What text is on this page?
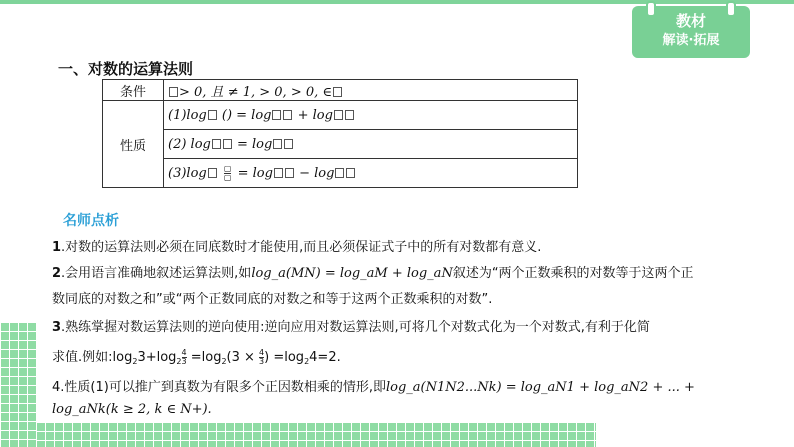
教材
解读·拓展
一、对数的运算法则
条件	> 0, 且 ≠ 1, > 0, > 0, ∈
性质	(1)log () = log + log
	(2) log = log
	$(3)\log \frac{▢}{▢} = \log - \log$
名师点析

1.对数的运算法则必须在同底数时才能使用,而且必须保证式子中的所有对数都有意义.

2.会用语言准确地叙述运算法则,如log_a(MN) = log_aM + log_aN叙述为“两个正数乘积的对数等于这两个正

数同底的对数之和”或“两个正数同底的对数之和等于这两个正数乘积的对数”.

3.熟练掌握对数运算法则的逆向使用:逆向应用对数运算法则,可将几个对数式化为一个对数式,有利于化简

求值.例如$:\log_23+\log_2 \frac{4}{3} =\log_2(3 \times \frac{4}{3}$ ) $=\log_24=2$.

4.性质(1)可以推广到真数为有限多个正因数相乘的情形,即log_a(N1N2...Nk) = log_aN1 + log_aN2 + ... +

log_aNk(k ≥ 2, k ∈ N+).
